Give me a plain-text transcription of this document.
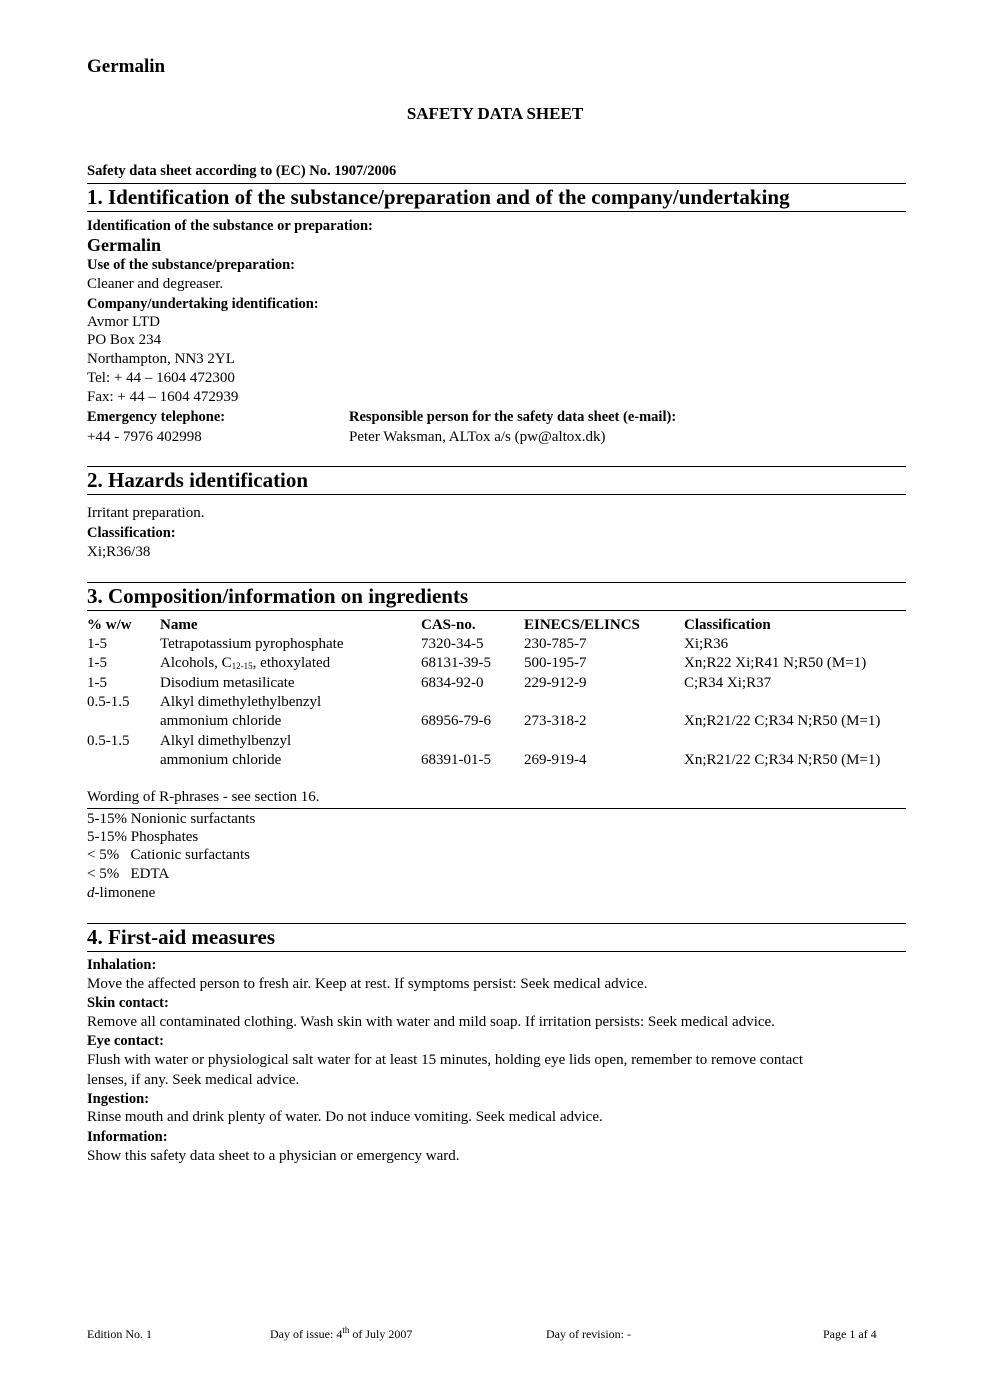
Germalin
SAFETY DATA SHEET
Safety data sheet according to (EC) No. 1907/2006
1. Identification of the substance/preparation and of the company/undertaking
Identification of the substance or preparation:
Germalin
Use of the substance/preparation:
Cleaner and degreaser.
Company/undertaking identification:
Avmor LTD
PO Box 234
Northampton, NN3 2YL
Tel: + 44 – 1604 472300
Fax: + 44 – 1604 472939
Emergency telephone:	Responsible person for the safety data sheet (e-mail):
+44 - 7976 402998	Peter Waksman, ALTox a/s (pw@altox.dk)
2. Hazards identification
Irritant preparation.
Classification:
Xi;R36/38
3. Composition/information on ingredients
% w/w Name	CAS-no.	EINECS/ELINCS	Classification
1-5	Tetrapotassium pyrophosphate	7320-34-5	230-785-7	Xi;R36
1-5	Alcohols, $C_{12-15}$, ethoxylated	68131-39-5 500-195-7	Xn;R22 Xi;R41 N;R50 (M=1)
1-5	Disodium metasilicate	6834-92-0	229-912-9	C;R34 Xi;R37
0.5-1.5 Alkyl dimethylethylbenzyl
ammonium chloride	68956-79-6 273-318-2	Xn;R21/22 C;R34 N;R50 (M=1)
0.5-1.5 Alkyl dimethylbenzyl
ammonium chloride	68391-01-5 269-919-4	Xn;R21/22 C;R34 N;R50 (M=1)
Wording of R-phrases - see section 16.
5-15% Nonionic surfactants
5-15% Phosphates
< 5%   Cationic surfactants
< 5%   EDTA
d-limonene
4. First-aid measures
Inhalation:
Move the affected person to fresh air. Keep at rest. If symptoms persist: Seek medical advice.
Skin contact:
Remove all contaminated clothing. Wash skin with water and mild soap. If irritation persists: Seek medical advice.
Eye contact:
Flush with water or physiological salt water for at least 15 minutes, holding eye lids open, remember to remove contact
lenses, if any. Seek medical advice.
Ingestion:
Rinse mouth and drink plenty of water. Do not induce vomiting. Seek medical advice.
Information:
Show this safety data sheet to a physician or emergency ward.
Edition No. 1	Day of issue: 4th of July 2007	Day of revision: -	Page 1 af 4
